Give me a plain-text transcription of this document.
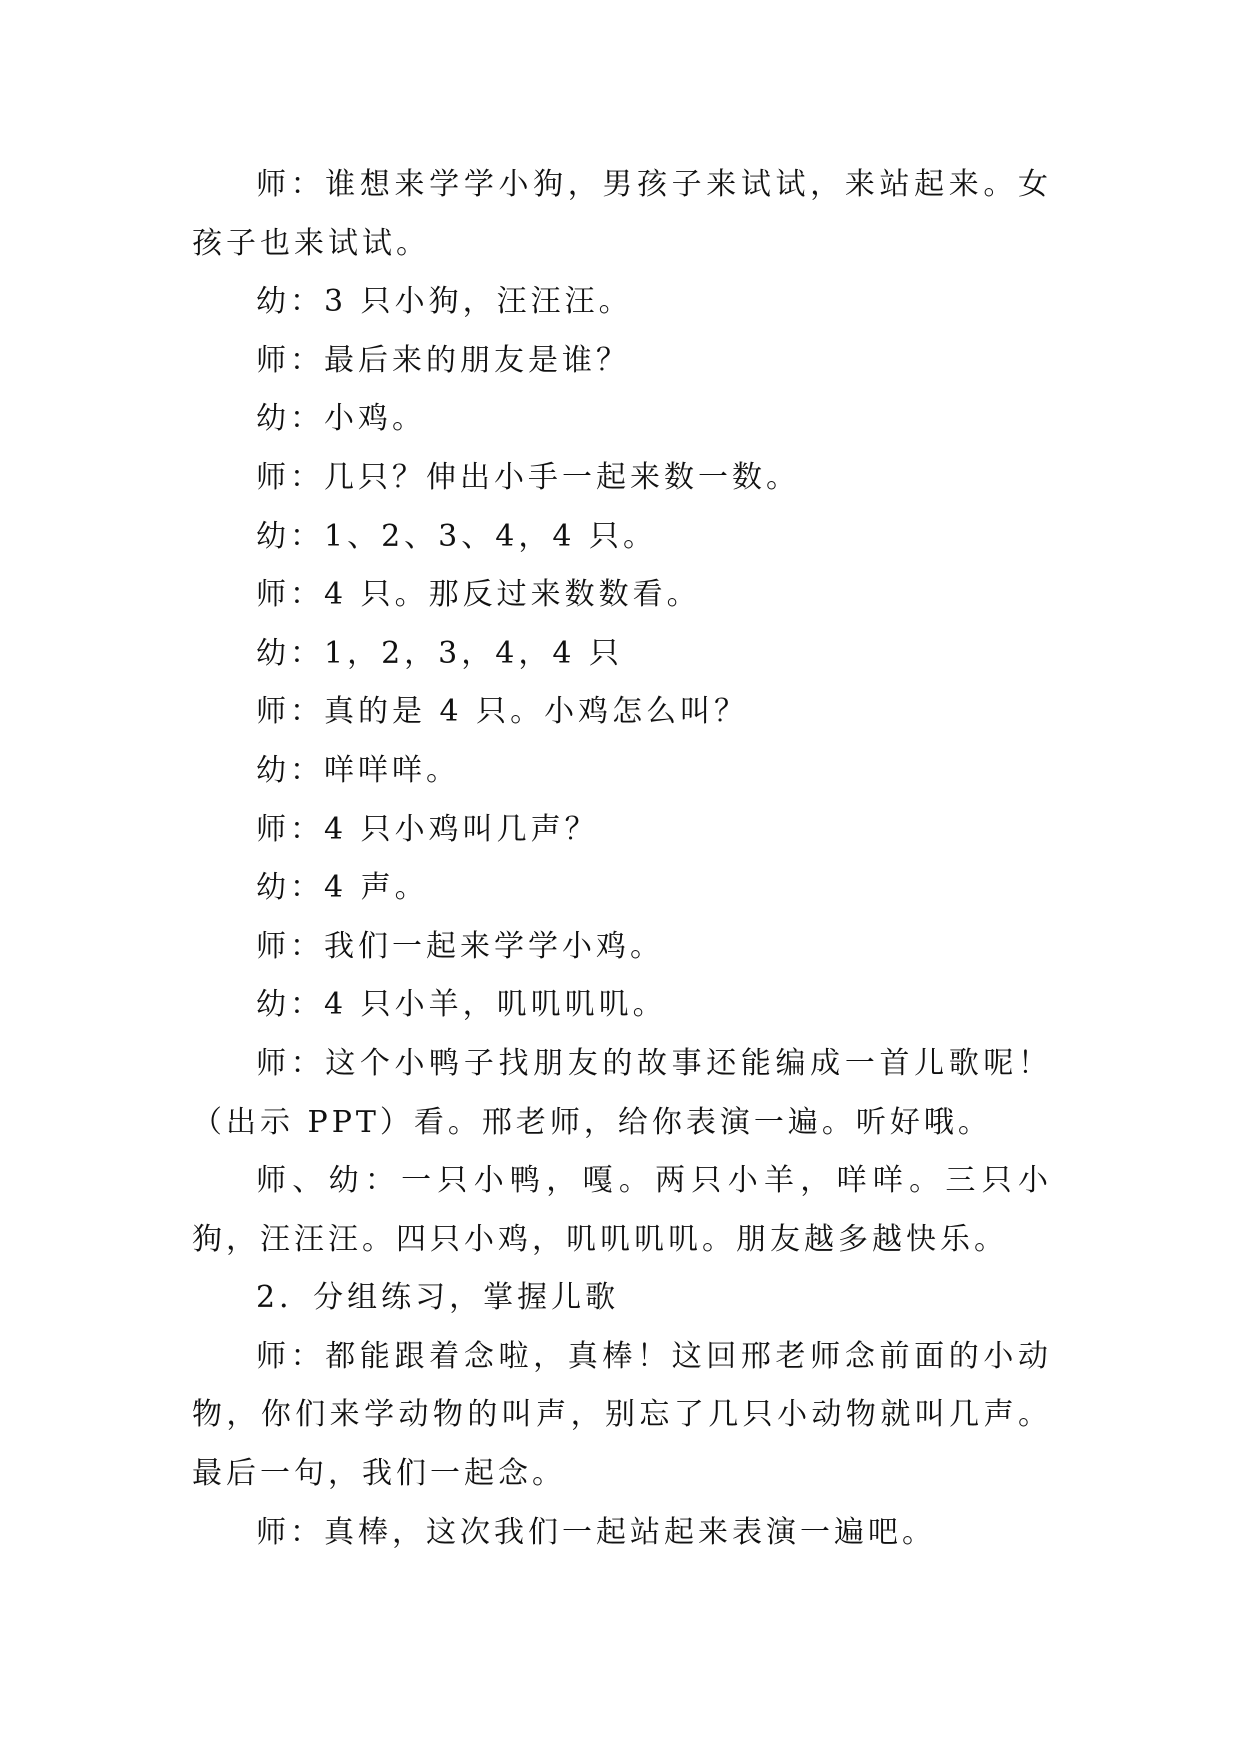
师：谁想来学学小狗，男孩子来试试，来站起来。女孩子也来试试。

幼：3 只小狗，汪汪汪。

师：最后来的朋友是谁？

幼：小鸡。

师：几只？伸出小手一起来数一数。

幼：1、2、3、4，4 只。

师：4 只。那反过来数数看。

幼：1，2，3，4，4 只

师：真的是 4 只。小鸡怎么叫？

幼：咩咩咩。

师：4 只小鸡叫几声？

幼：4 声。

师：我们一起来学学小鸡。

幼：4 只小羊，叽叽叽叽。

师：这个小鸭子找朋友的故事还能编成一首儿歌呢！（出示 PPT）看。邢老师，给你表演一遍。听好哦。

师、幼：一只小鸭，嘎。两只小羊，咩咩。三只小狗，汪汪汪。四只小鸡，叽叽叽叽。朋友越多越快乐。

2．分组练习，掌握儿歌

师：都能跟着念啦，真棒！这回邢老师念前面的小动物，你们来学动物的叫声，别忘了几只小动物就叫几声。最后一句，我们一起念。

师：真棒，这次我们一起站起来表演一遍吧。
